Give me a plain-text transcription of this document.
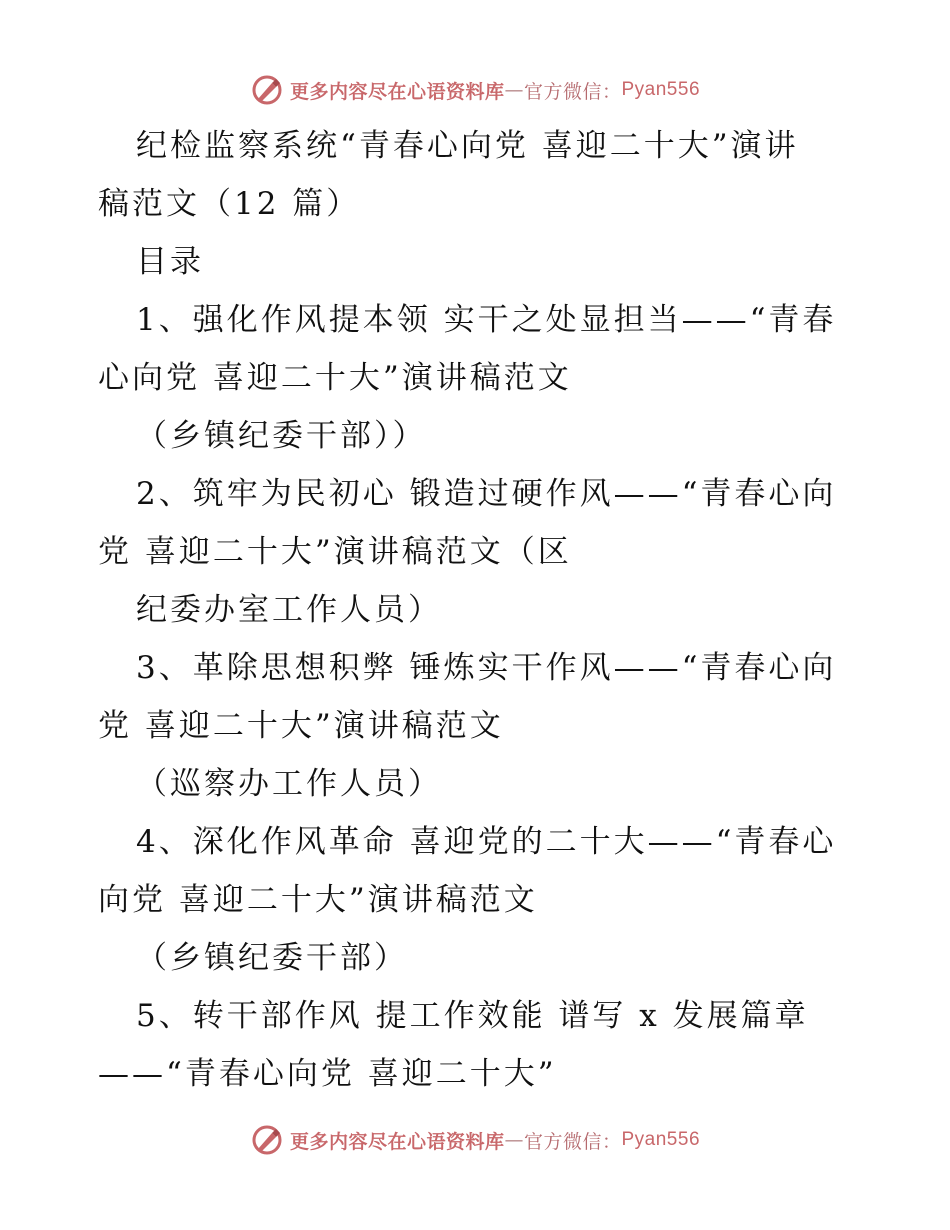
更多内容尽在心语资料库 — 官方微信： Pyan556
纪检监察系统“青春心向党 喜迎二十大”演讲
稿范文（12 篇）
目录
1、强化作风提本领 实干之处显担当——“青春
心向党 喜迎二十大”演讲稿范文
（乡镇纪委干部））
2、筑牢为民初心 锻造过硬作风——“青春心向
党 喜迎二十大”演讲稿范文（区
纪委办室工作人员）
3、革除思想积弊 锤炼实干作风——“青春心向
党 喜迎二十大”演讲稿范文
（巡察办工作人员）
4、深化作风革命 喜迎党的二十大——“青春心
向党 喜迎二十大”演讲稿范文
（乡镇纪委干部）
5、转干部作风 提工作效能 谱写 x 发展篇章
——“青春心向党 喜迎二十大”
更多内容尽在心语资料库 — 官方微信： Pyan556
